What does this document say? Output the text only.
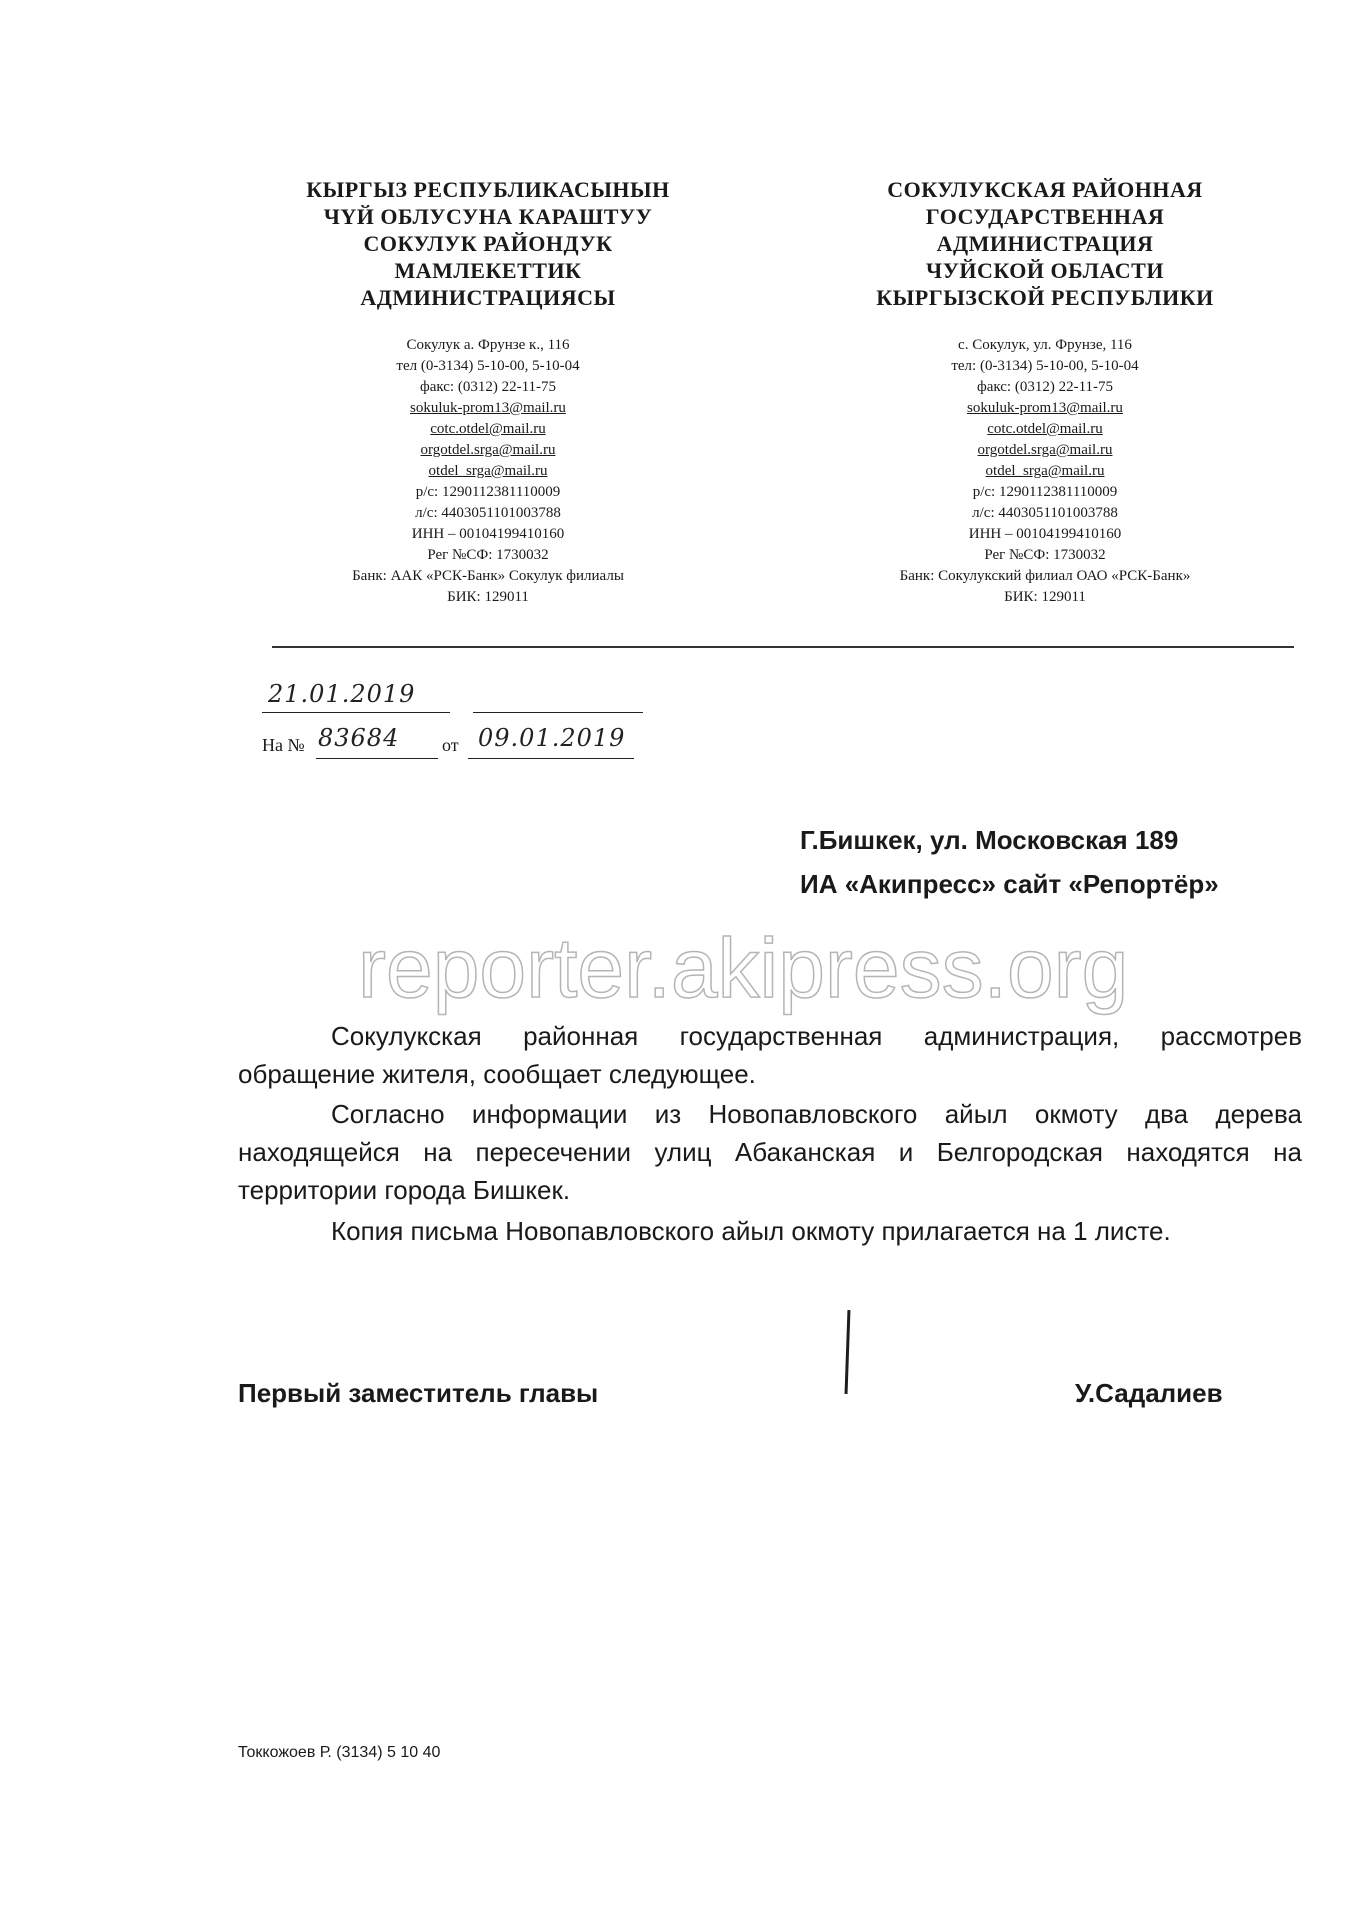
КЫРГЫЗ РЕСПУБЛИКАСЫНЫН
ЧҮЙ ОБЛУСУНА КАРАШТУУ
СОКУЛУК РАЙОНДУК
МАМЛЕКЕТТИК
АДМИНИСТРАЦИЯСЫ
Сокулук а. Фрунзе к., 116
тел (0-3134) 5-10-00, 5-10-04
факс: (0312) 22-11-75
sokuluk-prom13@mail.ru
cotc.otdel@mail.ru
orgotdel.srga@mail.ru
otdel_srga@mail.ru
р/с: 1290112381110009
л/с: 4403051101003788
ИНН – 00104199410160
Рег №СФ: 1730032
Банк: ААК «РСК-Банк» Сокулук филиалы
БИК: 129011
СОКУЛУКСКАЯ РАЙОННАЯ
ГОСУДАРСТВЕННАЯ
АДМИНИСТРАЦИЯ
ЧУЙСКОЙ ОБЛАСТИ
КЫРГЫЗСКОЙ РЕСПУБЛИКИ
с. Сокулук, ул. Фрунзе, 116
тел: (0-3134) 5-10-00, 5-10-04
факс: (0312) 22-11-75
sokuluk-prom13@mail.ru
cotc.otdel@mail.ru
orgotdel.srga@mail.ru
otdel_srga@mail.ru
р/с: 1290112381110009
л/с: 4403051101003788
ИНН – 00104199410160
Рег №СФ: 1730032
Банк: Сокулукский филиал ОАО «РСК-Банк»
БИК: 129011
21.01.2019
На № 83684 от 09.01.2019
Г.Бишкек, ул. Московская 189
ИА «Акипресс» сайт «Репортёр»
reporter.akipress.org
Сокулукская районная государственная администрация, рассмотрев обращение жителя, сообщает следующее.
Согласно информации из Новопавловского айыл окмоту два дерева находящейся на пересечении улиц Абаканская и Белгородская находятся на территории города Бишкек.
Копия письма Новопавловского айыл окмоту прилагается на 1 листе.
Первый заместитель главы	У.Садалиев
Токкожоев Р. (3134) 5 10 40
